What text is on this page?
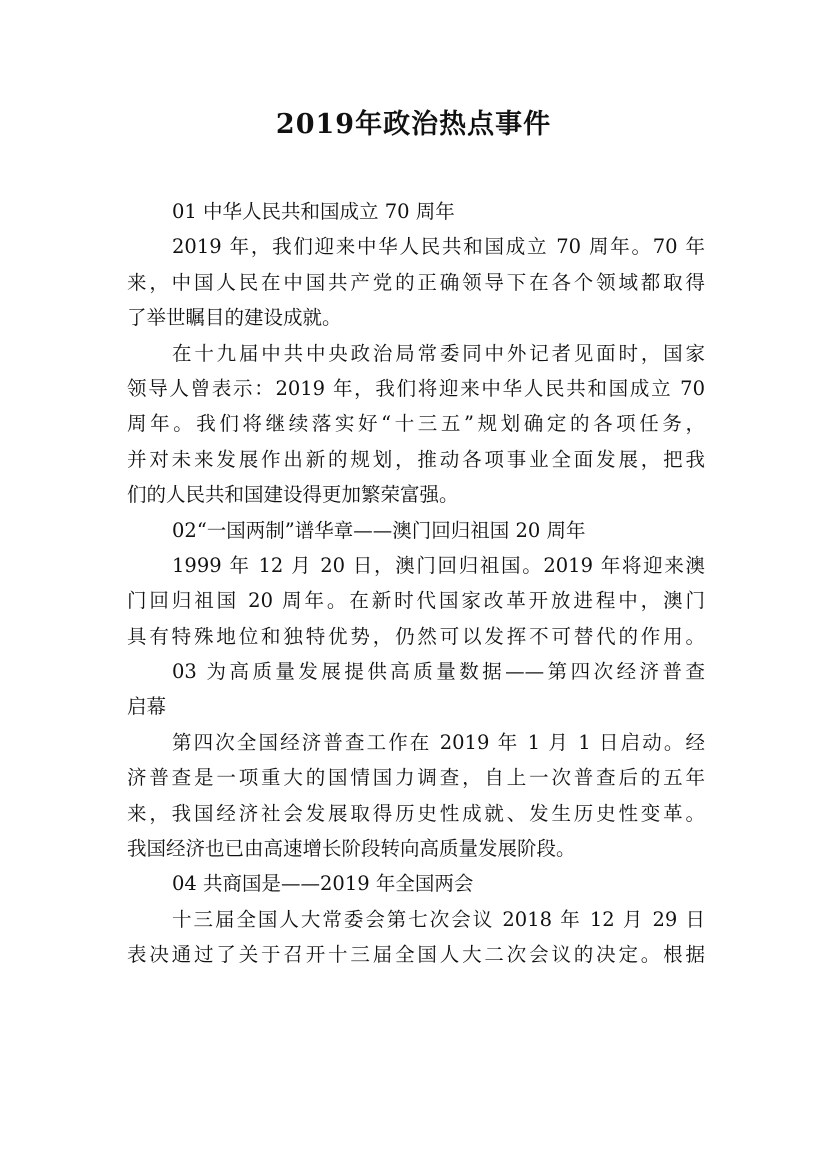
2019年政治热点事件
01 中华人民共和国成立 70 周年
2019 年，我们迎来中华人民共和国成立 70 周年。70 年
来，中国人民在中国共产党的正确领导下在各个领域都取得
了举世瞩目的建设成就。
在十九届中共中央政治局常委同中外记者见面时，国家
领导人曾表示：2019 年，我们将迎来中华人民共和国成立 70
周年。我们将继续落实好“十三五”规划确定的各项任务，
并对未来发展作出新的规划，推动各项事业全面发展，把我
们的人民共和国建设得更加繁荣富强。
02“一国两制”谱华章——澳门回归祖国 20 周年
1999 年 12 月 20 日，澳门回归祖国。2019 年将迎来澳
门回归祖国 20 周年。在新时代国家改革开放进程中，澳门
具有特殊地位和独特优势，仍然可以发挥不可替代的作用。
03 为高质量发展提供高质量数据——第四次经济普查
启幕
第四次全国经济普查工作在 2019 年 1 月 1 日启动。经
济普查是一项重大的国情国力调查，自上一次普查后的五年
来，我国经济社会发展取得历史性成就、发生历史性变革。
我国经济也已由高速增长阶段转向高质量发展阶段。
04 共商国是——2019 年全国两会
十三届全国人大常委会第七次会议 2018 年 12 月 29 日
表决通过了关于召开十三届全国人大二次会议的决定。根据
